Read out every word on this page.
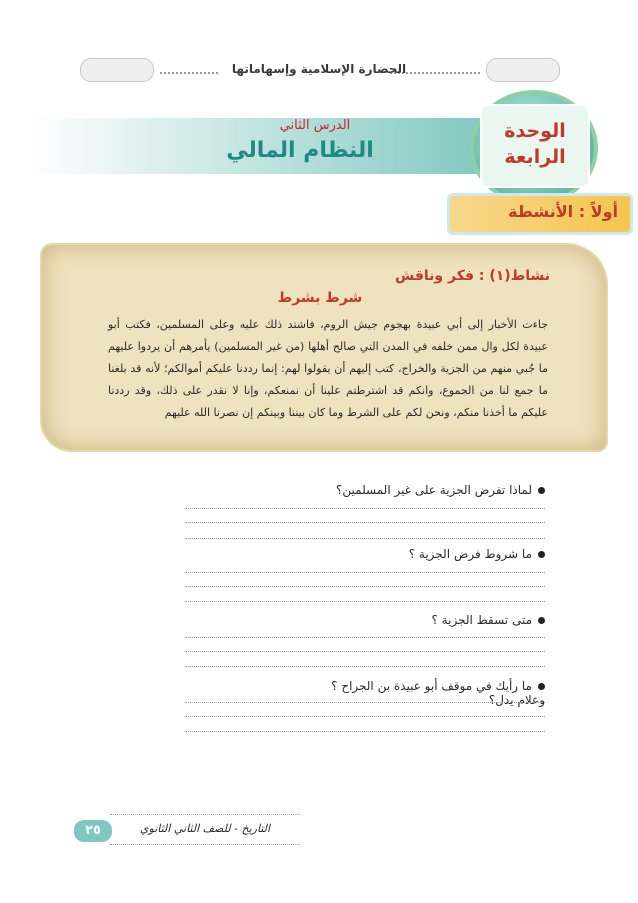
الحضارة الإسلامية وإسهاماتها
الدرس الثاني
النظام المالي
الوحدة
الرابعة
أولاً : الأنشطة
نشاط(١) : فكر وناقش
شرط بشرط
جاءت الأخبار إلى أبي عبيدة بهجوم جيش الروم، فاشتد ذلك عليه وعلى المسلمين، فكتب أبو عبيدة لكل وال ممن خلفه في المدن التي صالح أهلها (من غير المسلمين) يأمرهم أن يردوا عليهم ما جُبي منهم من الجزية والخراج، كتب إليهم أن يقولوا لهم: إنما رددنا عليكم أموالكم؛ لأنه قد بلغنا ما جمع لنا من الجموع، وانكم قد اشترطتم علينا أن نمنعكم، وإنا لا نقدر على ذلك، وقد رددنا عليكم ما أخذنا منكم، ونحن لكم على الشرط وما كان بيننا وبينكم إن نصرنا الله عليهم
لماذا تفرض الجزية على غير المسلمين؟
ما شروط فرض الجزية ؟
متى تسقط الجزية ؟
ما رأيك في موقف أبو عبيدة بن الجراح ؟ وعلام يدل؟
التاريخ - للصف الثاني الثانوي
٢٥
